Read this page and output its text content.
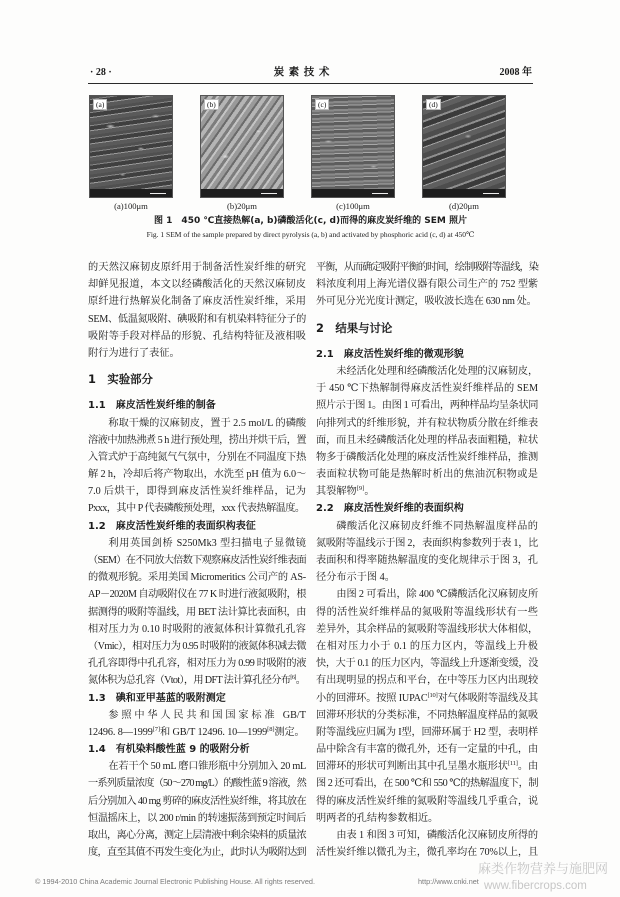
· 28 ·	炭 素 技 术	2008 年
(a)	(b)	(c)	(d)
(a)100μm	(b)20μm	(c)100μm	(d)20μm
图 1　450 ℃直接热解(a, b)磷酸活化(c, d)而得的麻皮炭纤维的 SEM 照片
Fig. 1 SEM of the sample prepared by direct pyrolysis (a, b) and activated by phosphoric acid (c, d) at 450℃
的天然汉麻韧皮原纤用于制备活性炭纤维的研究
却鲜见报道，本文以经磷酸活化的天然汉麻韧皮
原纤进行热解炭化制备了麻皮活性炭纤维，采用
SEM、低温氮吸附、碘吸附和有机染料特征分子的
吸附等手段对样品的形貌、孔结构特征及液相吸
附行为进行了表征。
1　实验部分
1.1　麻皮活性炭纤维的制备
称取干燥的汉麻韧皮，置于 2.5 mol/L 的磷酸
溶液中加热沸煮 5 h 进行预处理，捞出并烘干后，置
入管式炉于高纯氮气气氛中，分别在不同温度下热
解 2 h，冷却后将产物取出，水洗至 pH 值为 6.0～
7.0 后烘干，即得到麻皮活性炭纤维样品，记为
Pxxx，其中 P 代表磷酸预处理，xxx 代表热解温度。
1.2　麻皮活性炭纤维的表面织构表征
利用英国剑桥 S250Mk3 型扫描电子显微镜
（SEM）在不同放大倍数下观察麻皮活性炭纤维表面
的微观形貌。采用美国 Micromeritics 公司产的 AS-
AP－2020M 自动吸附仪在 77 K 时进行液氮吸附，根
据测得的吸附等温线，用 BET 法计算比表面积，由
相对压力为 0.10 时吸附的液氮体积计算微孔孔容
（Vmic），相对压力为 0.95 时吸附的液氮体积减去微
孔孔容即得中孔孔容，相对压力为 0.99 时吸附的液
氮体积为总孔容（Vtot），用 DFT 法计算孔径分布[6]。
1.3　碘和亚甲基蓝的吸附测定
参照中华人民共和国国家标准 GB/T
12496. 8—1999[7]和 GB/T 12496. 10—1999[8]测定。
1.4　有机染料酸性蓝 9 的吸附分析
在若干个 50 mL 磨口锥形瓶中分别加入 20 mL
一系列质量浓度（50～270 mg/L）的酸性蓝 9 溶液，然
后分别加入 40 mg 剪碎的麻皮活性炭纤维，将其放在
恒温摇床上，以 200 r/min 的转速振荡到预定时间后
取出，离心分离，测定上层清液中剩余染料的质量浓
度，直至其值不再发生变化为止，此时认为吸附达到
平衡，从而确定吸附平衡的时间，绘制吸附等温线，染
料浓度利用上海光谱仪器有限公司生产的 752 型紫
外可见分光光度计测定，吸收波长选在 630 nm 处。
2　结果与讨论
2.1　麻皮活性炭纤维的微观形貌
未经活化处理和经磷酸活化处理的汉麻韧皮，
于 450 ℃下热解制得麻皮活性炭纤维样品的 SEM
照片示于图 1。由图 1 可看出，两种样品均呈条状同
向排列式的纤维形貌，并有粒状物质分散在纤维表
面，而且未经磷酸活化处理的样品表面粗糙，粒状
物多于磷酸活化处理的麻皮活性炭纤维样品，推测
表面粒状物可能是热解时析出的焦油沉积物或是
其裂解物[9]。
2.2　麻皮活性炭纤维的表面织构
磷酸活化汉麻韧皮纤维不同热解温度样品的
氮吸附等温线示于图 2，表面织构参数列于表 1，比
表面积和得率随热解温度的变化规律示于图 3，孔
径分布示于图 4。
由图 2 可看出，除 400 ℃磷酸活化汉麻韧皮所
得的活性炭纤维样品的氮吸附等温线形状有一些
差异外，其余样品的氮吸附等温线形状大体相似，
在相对压力小于 0.1 的压力区内，等温线上升极
快，大于 0.1 的压力区内，等温线上升逐渐变缓，没
有出现明显的拐点和平台，在中等压力区内出现较
小的回滞环。按照 IUPAC[10]对气体吸附等温线及其
回滞环形状的分类标准，不同热解温度样品的氮吸
附等温线应归属为 I型，回滞环属于 H2 型，表明样
品中除含有丰富的微孔外，还有一定量的中孔，由
回滞环的形状可判断出其中孔呈墨水瓶形状[11]。由
图 2 还可看出，在 500 ℃和 550 ℃的热解温度下，制
得的麻皮活性炭纤维的氮吸附等温线几乎重合，说
明两者的孔结构参数相近。
由表 1 和图 3 可知，磷酸活化汉麻韧皮所得的
活性炭纤维以微孔为主，微孔率均在 70%以上，且
© 1994-2010 China Academic Journal Electronic Publishing House. All rights reserved.	http://www.cnki.net
麻类作物营养与施肥网
www.fibercrops.com
